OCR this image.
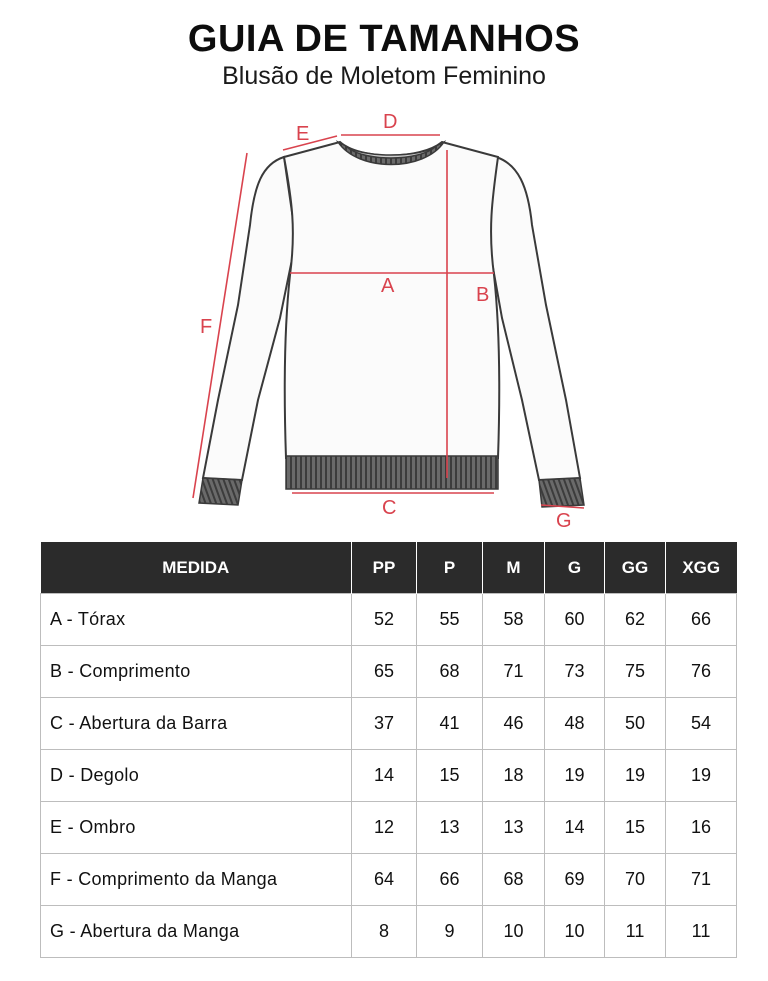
GUIA DE TAMANHOS
Blusão de Moletom Feminino
D
E
A	B
C
F
G
MEDIDA	PP	P	M	G	GG	XGG
A - Tórax	52	55	58	60	62	66
B - Comprimento	65	68	71	73	75	76
C - Abertura da Barra	37	41	46	48	50	54
D - Degolo	14	15	18	19	19	19
E - Ombro	12	13	13	14	15	16
F - Comprimento da Manga	64	66	68	69	70	71
G - Abertura da Manga	8	9	10	10	11	11
